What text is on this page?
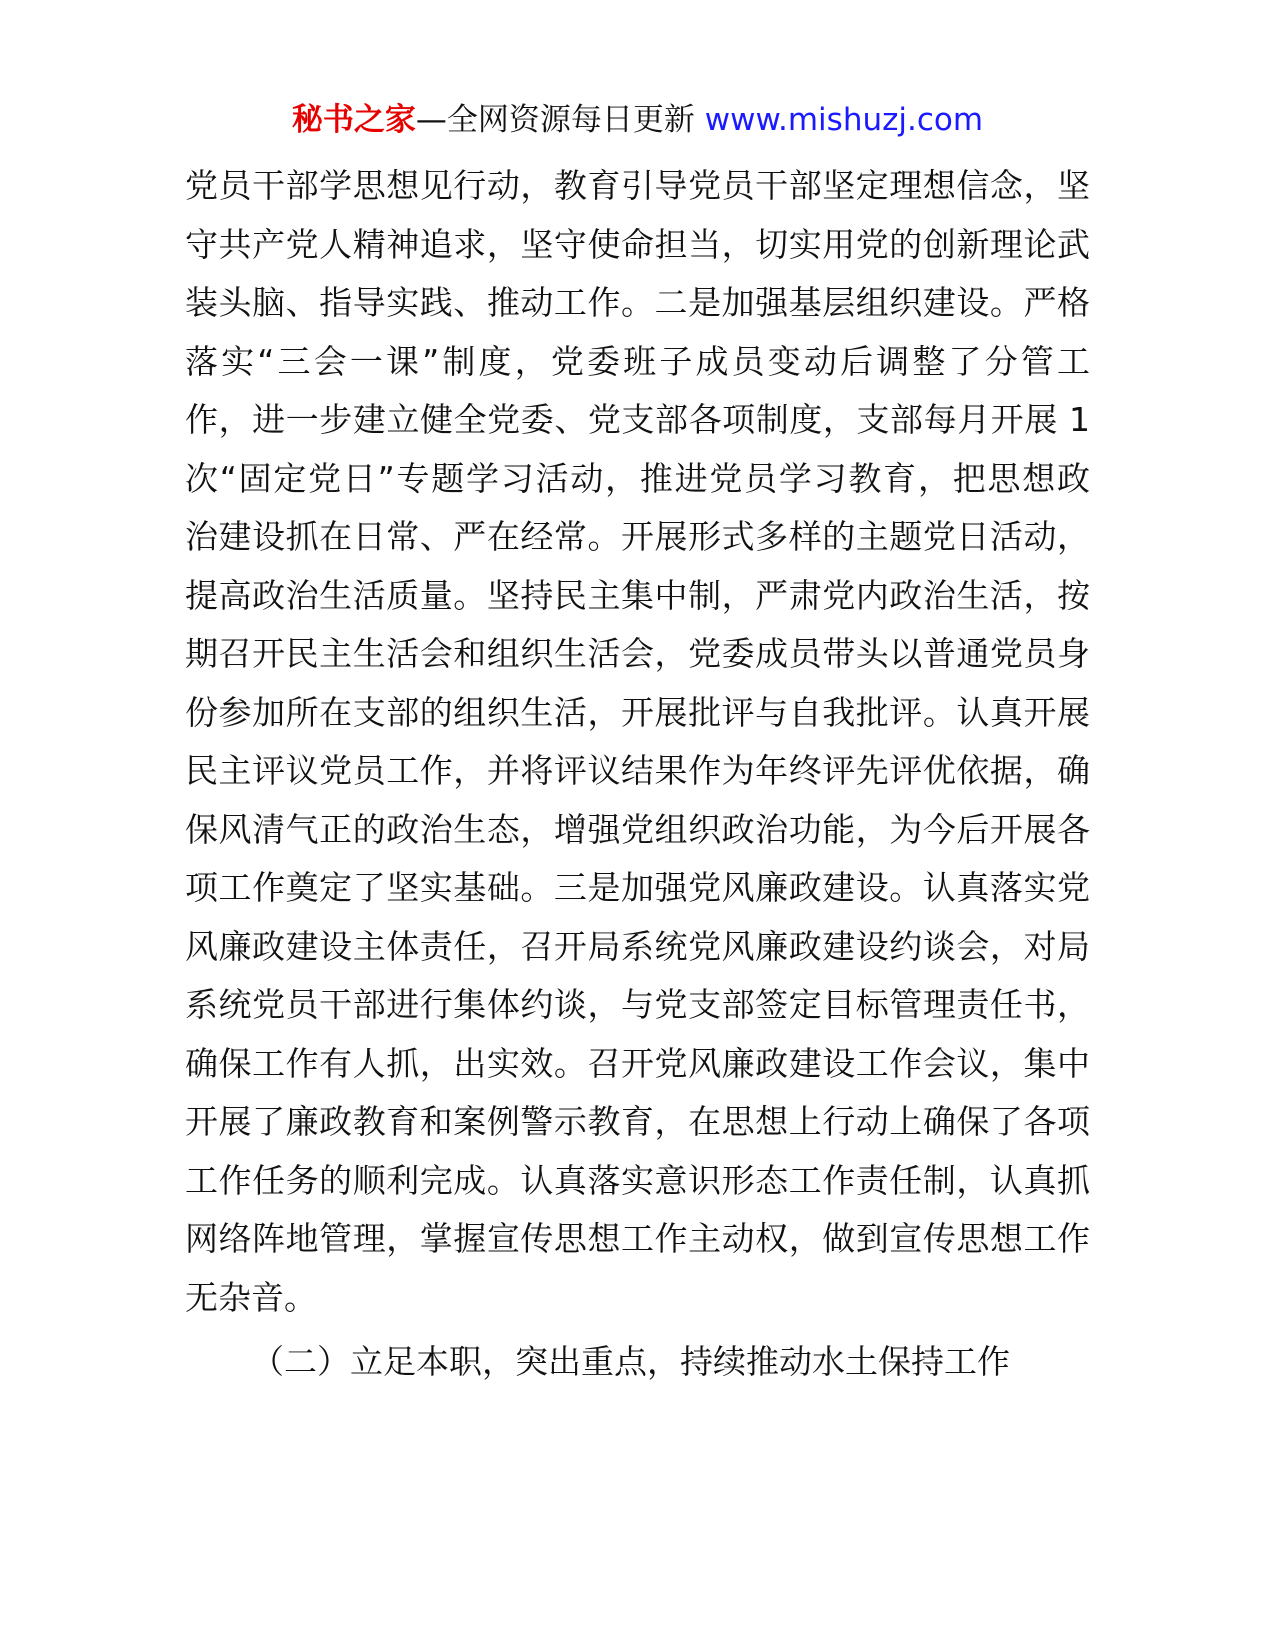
秘书之家—全网资源每日更新 www.mishuzj.com
党员干部学思想见行动，教育引导党员干部坚定理想信念，坚
守共产党人精神追求，坚守使命担当，切实用党的创新理论武
装头脑、指导实践、推动工作。二是加强基层组织建设。严格
落实“三会一课”制度，党委班子成员变动后调整了分管工
作，进一步建立健全党委、党支部各项制度，支部每月开展 1
次“固定党日”专题学习活动，推进党员学习教育，把思想政
治建设抓在日常、严在经常。开展形式多样的主题党日活动，
提高政治生活质量。坚持民主集中制，严肃党内政治生活，按
期召开民主生活会和组织生活会，党委成员带头以普通党员身
份参加所在支部的组织生活，开展批评与自我批评。认真开展
民主评议党员工作，并将评议结果作为年终评先评优依据，确
保风清气正的政治生态，增强党组织政治功能，为今后开展各
项工作奠定了坚实基础。三是加强党风廉政建设。认真落实党
风廉政建设主体责任，召开局系统党风廉政建设约谈会，对局
系统党员干部进行集体约谈，与党支部签定目标管理责任书，
确保工作有人抓，出实效。召开党风廉政建设工作会议，集中
开展了廉政教育和案例警示教育，在思想上行动上确保了各项
工作任务的顺利完成。认真落实意识形态工作责任制，认真抓
网络阵地管理，掌握宣传思想工作主动权，做到宣传思想工作
无杂音。
（二）立足本职，突出重点，持续推动水土保持工作
